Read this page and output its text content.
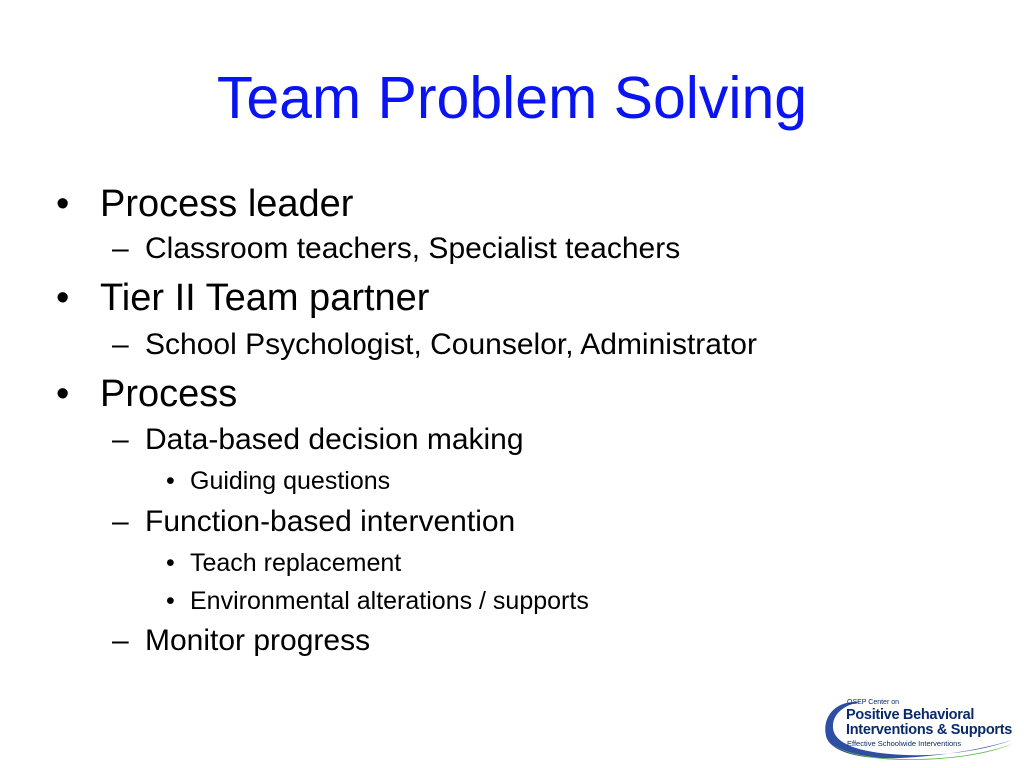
Team Problem Solving
• Process leader
– Classroom teachers, Specialist teachers
• Tier II Team partner
– School Psychologist, Counselor, Administrator
• Process
– Data-based decision making
• Guiding questions
– Function-based intervention
• Teach replacement
• Environmental alterations / supports
– Monitor progress
OSEP Center on
Positive Behavioral
Interventions & Supports
Effective Schoolwide Interventions
